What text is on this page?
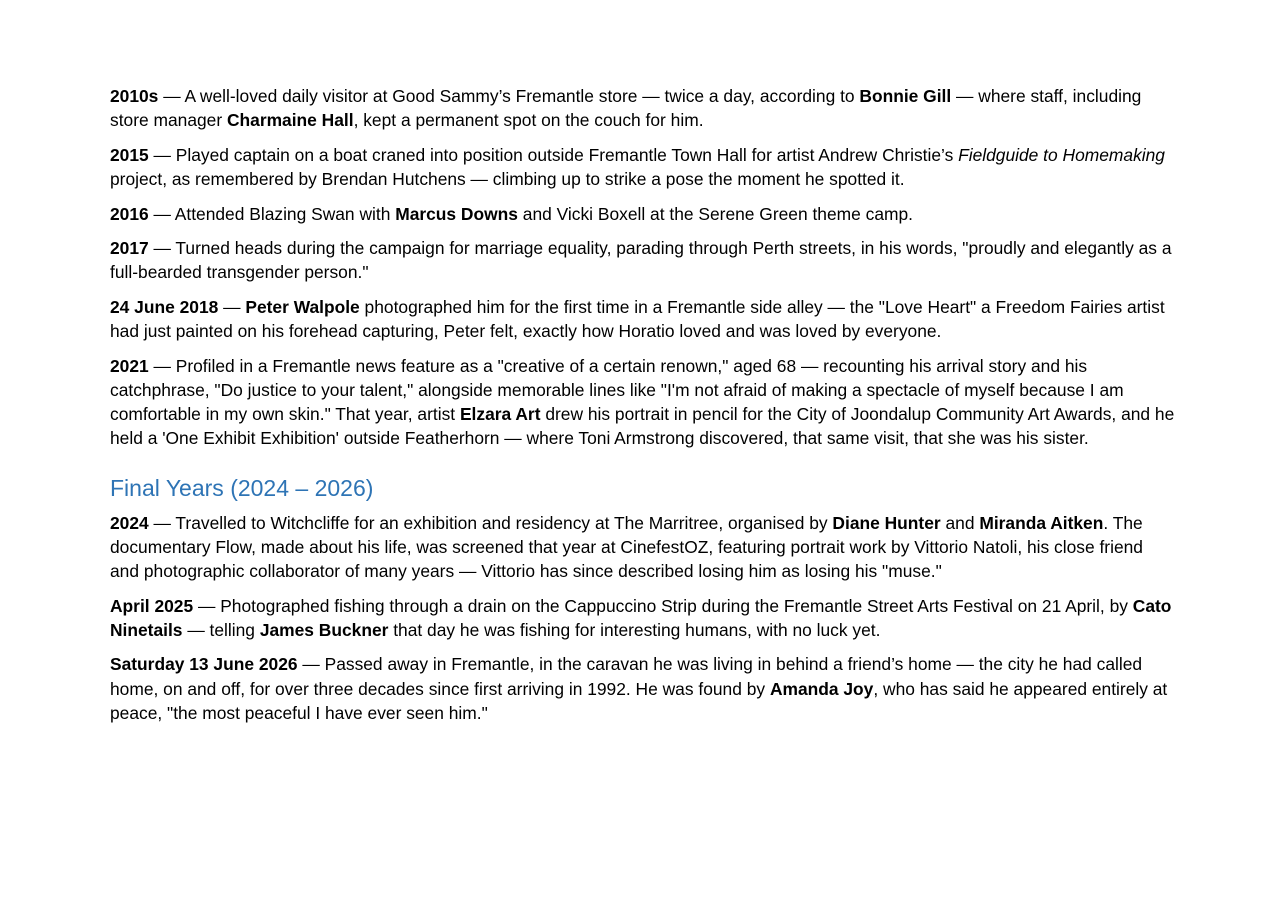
2010s — A well-loved daily visitor at Good Sammy’s Fremantle store — twice a day, according to Bonnie Gill — where staff, including store manager Charmaine Hall, kept a permanent spot on the couch for him.

2015 — Played captain on a boat craned into position outside Fremantle Town Hall for artist Andrew Christie’s Fieldguide to Homemaking project, as remembered by Brendan Hutchens — climbing up to strike a pose the moment he spotted it.

2016 — Attended Blazing Swan with Marcus Downs and Vicki Boxell at the Serene Green theme camp.

2017 — Turned heads during the campaign for marriage equality, parading through Perth streets, in his words, "proudly and elegantly as a full-bearded transgender person."

24 June 2018 — Peter Walpole photographed him for the first time in a Fremantle side alley — the "Love Heart" a Freedom Fairies artist had just painted on his forehead capturing, Peter felt, exactly how Horatio loved and was loved by everyone.

2021 — Profiled in a Fremantle news feature as a "creative of a certain renown," aged 68 — recounting his arrival story and his catchphrase, "Do justice to your talent," alongside memorable lines like "I'm not afraid of making a spectacle of myself because I am comfortable in my own skin." That year, artist Elzara Art drew his portrait in pencil for the City of Joondalup Community Art Awards, and he held a 'One Exhibit Exhibition' outside Featherhorn — where Toni Armstrong discovered, that same visit, that she was his sister.

Final Years (2024 – 2026)

2024 — Travelled to Witchcliffe for an exhibition and residency at The Marritree, organised by Diane Hunter and Miranda Aitken. The documentary Flow, made about his life, was screened that year at CinefestOZ, featuring portrait work by Vittorio Natoli, his close friend and photographic collaborator of many years — Vittorio has since described losing him as losing his "muse."

April 2025 — Photographed fishing through a drain on the Cappuccino Strip during the Fremantle Street Arts Festival on 21 April, by Cato Ninetails — telling James Buckner that day he was fishing for interesting humans, with no luck yet.

Saturday 13 June 2026 — Passed away in Fremantle, in the caravan he was living in behind a friend’s home — the city he had called home, on and off, for over three decades since first arriving in 1992. He was found by Amanda Joy, who has said he appeared entirely at peace, "the most peaceful I have ever seen him."
